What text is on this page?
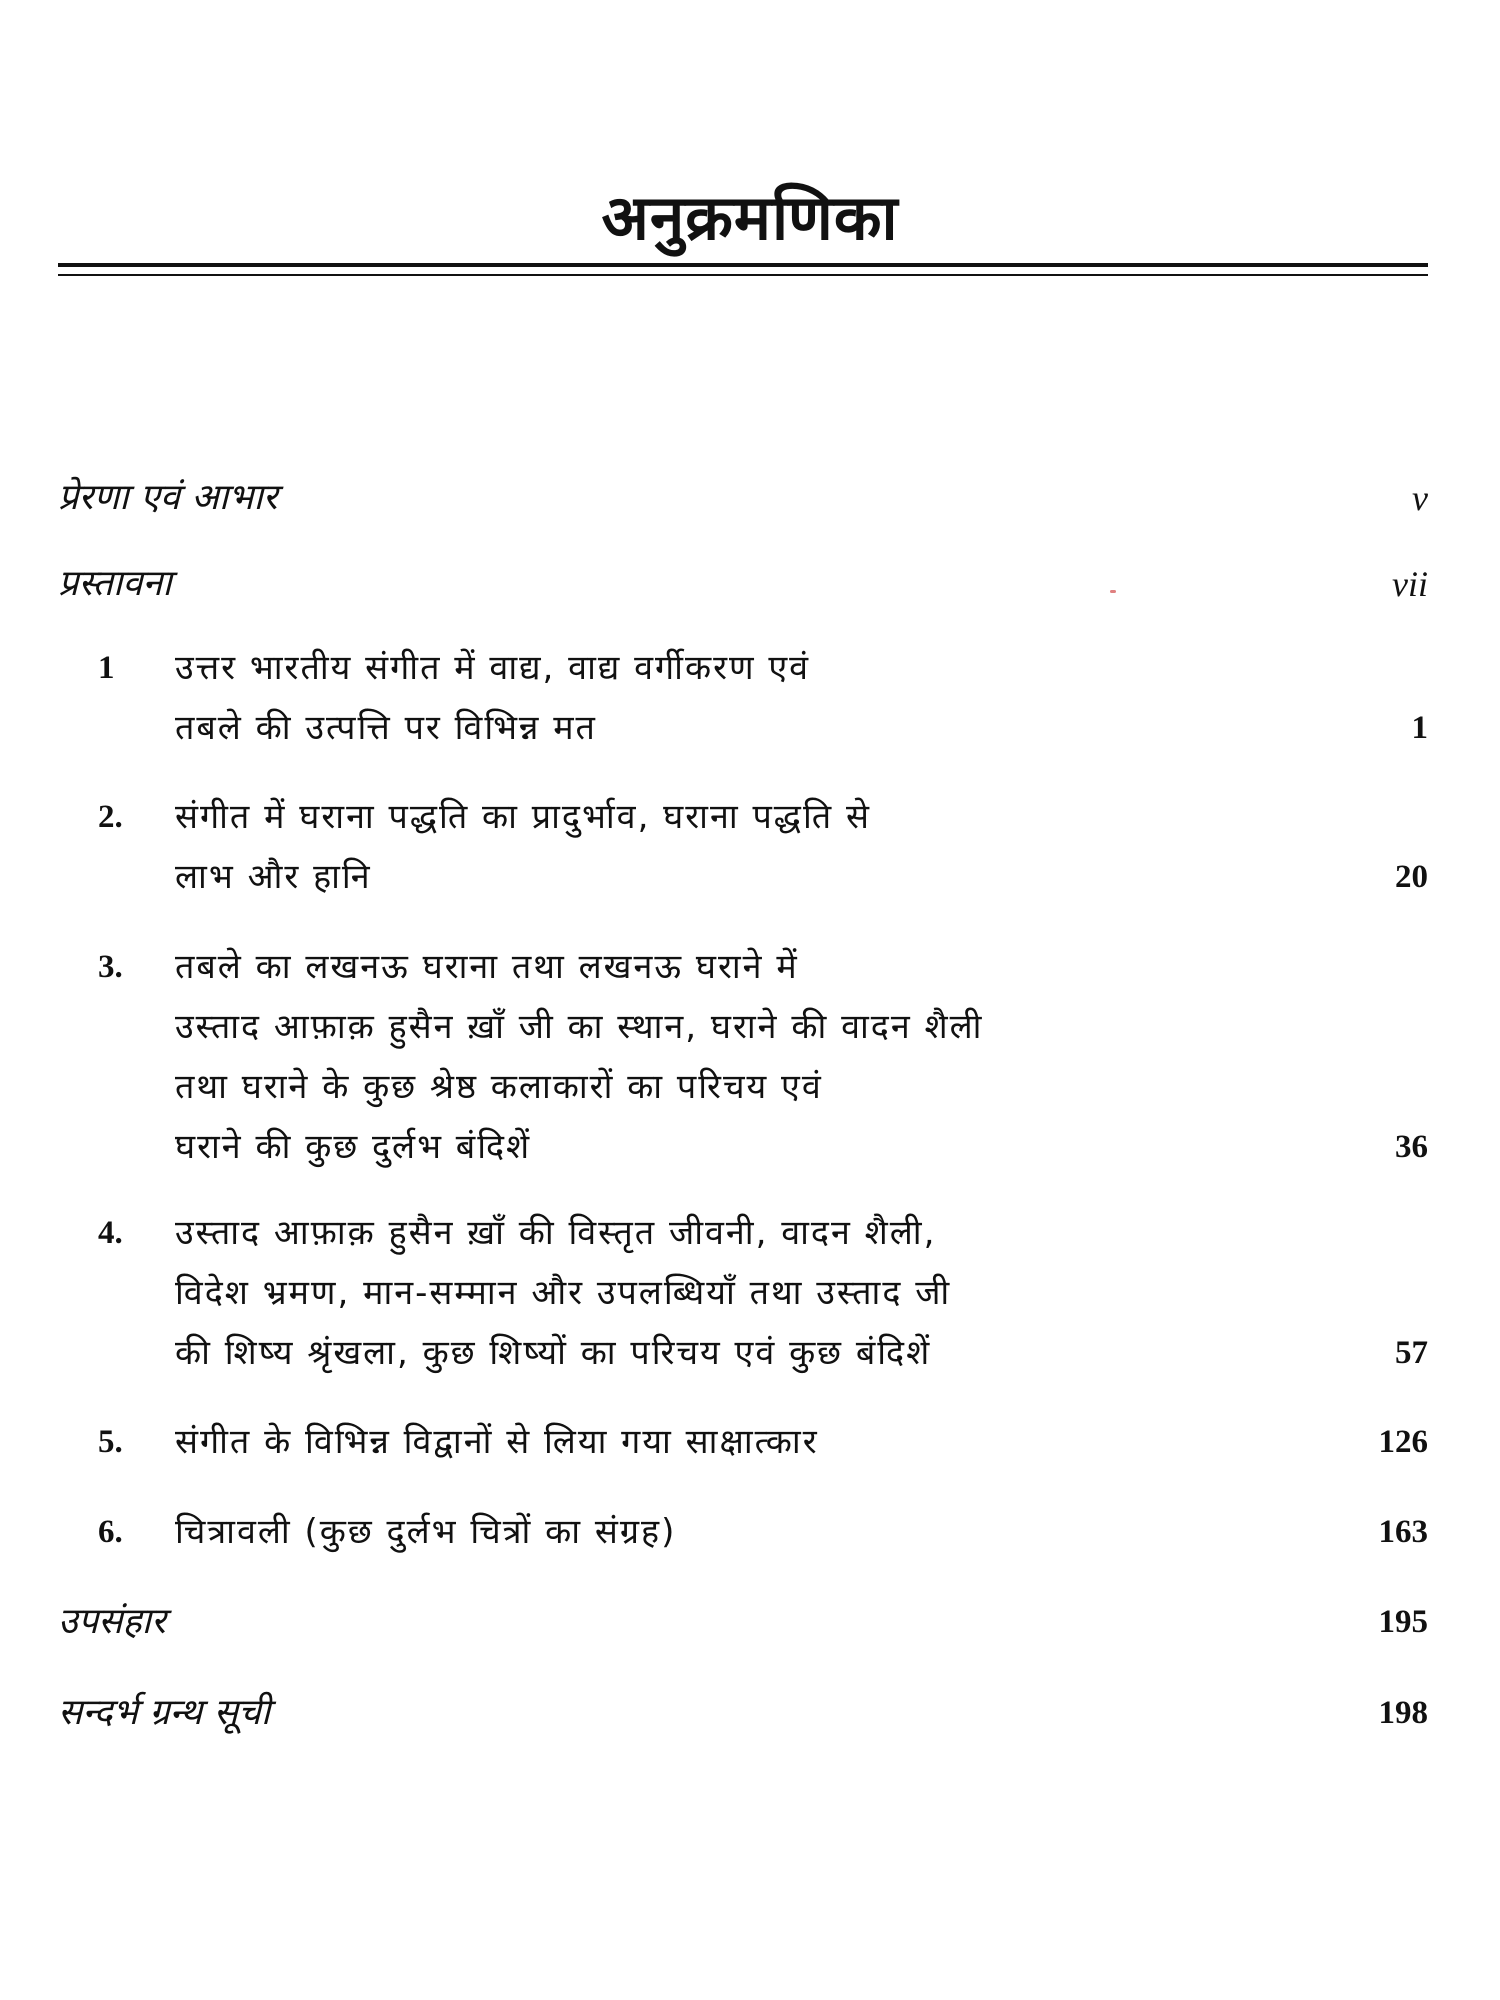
अनुक्रमणिका
प्रेरणा एवं आभार	v
प्रस्तावना	vii
1	उत्तर भारतीय संगीत में वाद्य, वाद्य वर्गीकरण एवं
तबले की उत्पत्ति पर विभिन्न मत	1
2.	संगीत में घराना पद्धति का प्रादुर्भाव, घराना पद्धति से
लाभ और हानि	20
3.	तबले का लखनऊ घराना तथा लखनऊ घराने में
उस्ताद आफ़ाक़ हुसैन ख़ाँ जी का स्थान, घराने की वादन शैली
तथा घराने के कुछ श्रेष्ठ कलाकारों का परिचय एवं
घराने की कुछ दुर्लभ बंदिशें	36
4.	उस्ताद आफ़ाक़ हुसैन ख़ाँ की विस्तृत जीवनी, वादन शैली,
विदेश भ्रमण, मान-सम्मान और उपलब्धियाँ तथा उस्ताद जी
की शिष्य श्रृंखला, कुछ शिष्यों का परिचय एवं कुछ बंदिशें	57
5.	संगीत के विभिन्न विद्वानों से लिया गया साक्षात्कार	126
6.	चित्रावली (कुछ दुर्लभ चित्रों का संग्रह)	163
उपसंहार	195
सन्दर्भ ग्रन्थ सूची	198
